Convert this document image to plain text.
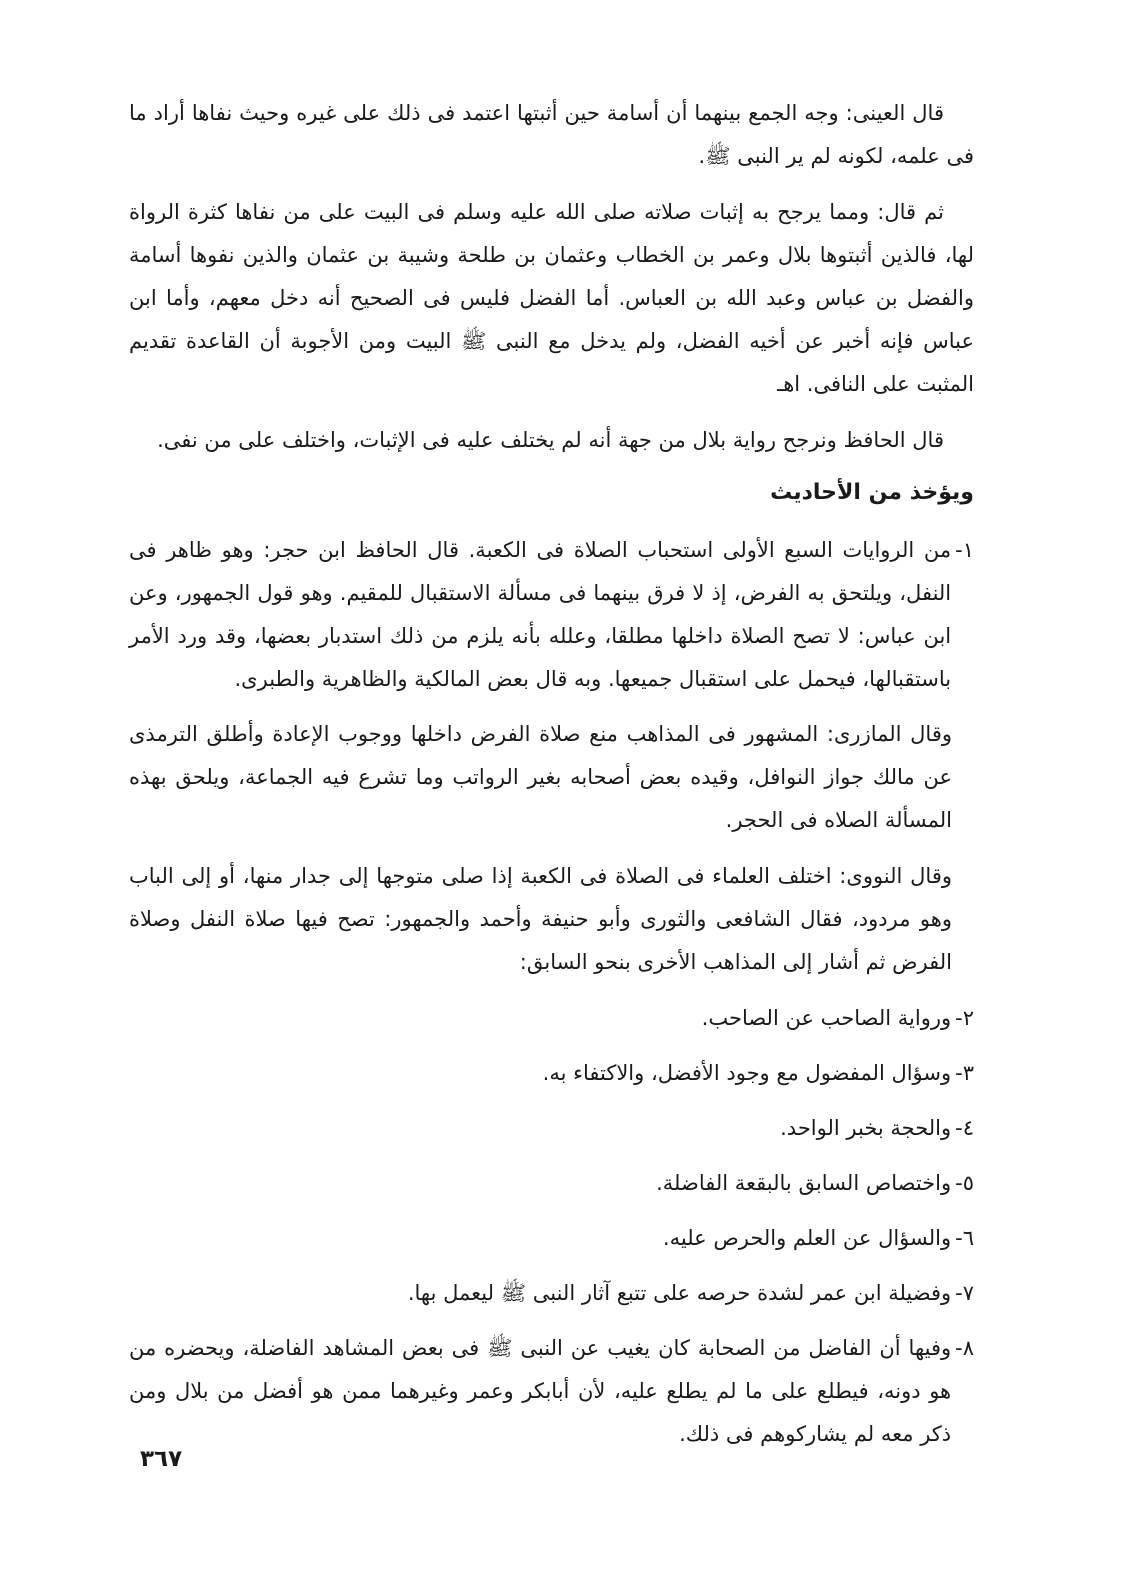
قال العينى: وجه الجمع بينهما أن أسامة حين أثبتها اعتمد فى ذلك على غيره وحيث نفاها أراد ما فى علمه، لكونه لم ير النبى ﷺ.

ثم قال: ومما يرجح به إثبات صلاته صلى الله عليه وسلم فى البيت على من نفاها كثرة الرواة لها، فالذين أثبتوها بلال وعمر بن الخطاب وعثمان بن طلحة وشيبة بن عثمان والذين نفوها أسامة والفضل بن عباس وعبد الله بن العباس. أما الفضل فليس فى الصحيح أنه دخل معهم، وأما ابن عباس فإنه أخبر عن أخيه الفضل، ولم يدخل مع النبى ﷺ البيت ومن الأجوبة أن القاعدة تقديم المثبت على النافى. اهـ

قال الحافظ ونرجح رواية بلال من جهة أنه لم يختلف عليه فى الإثبات، واختلف على من نفى.

ويؤخذ من الأحاديث
١-

من الروايات السبع الأولى استحباب الصلاة فى الكعبة. قال الحافظ ابن حجر: وهو ظاهر فى النفل، ويلتحق به الفرض، إذ لا فرق بينهما فى مسألة الاستقبال للمقيم. وهو قول الجمهور، وعن ابن عباس: لا تصح الصلاة داخلها مطلقا، وعلله بأنه يلزم من ذلك استدبار بعضها، وقد ورد الأمر باستقبالها، فيحمل على استقبال جميعها. وبه قال بعض المالكية والظاهرية والطبرى.

وقال المازرى: المشهور فى المذاهب منع صلاة الفرض داخلها ووجوب الإعادة وأطلق الترمذى عن مالك جواز النوافل، وقيده بعض أصحابه بغير الرواتب وما تشرع فيه الجماعة، ويلحق بهذه المسألة الصلاه فى الحجر.

وقال النووى: اختلف العلماء فى الصلاة فى الكعبة إذا صلى متوجها إلى جدار منها، أو إلى الباب وهو مردود، فقال الشافعى والثورى وأبو حنيفة وأحمد والجمهور: تصح فيها صلاة النفل وصلاة الفرض ثم أشار إلى المذاهب الأخرى بنحو السابق:

٢-

ورواية الصاحب عن الصاحب.

٣-

وسؤال المفضول مع وجود الأفضل، والاكتفاء به.

٤-

والحجة بخبر الواحد.

٥-

واختصاص السابق بالبقعة الفاضلة.

٦-

والسؤال عن العلم والحرص عليه.

٧-

وفضيلة ابن عمر لشدة حرصه على تتبع آثار النبى ﷺ ليعمل بها.

٨-

وفيها أن الفاضل من الصحابة كان يغيب عن النبى ﷺ فى بعض المشاهد الفاضلة، ويحضره من هو دونه، فيطلع على ما لم يطلع عليه، لأن أبابكر وعمر وغيرهما ممن هو أفضل من بلال ومن ذكر معه لم يشاركوهم فى ذلك.

٣٦٧
